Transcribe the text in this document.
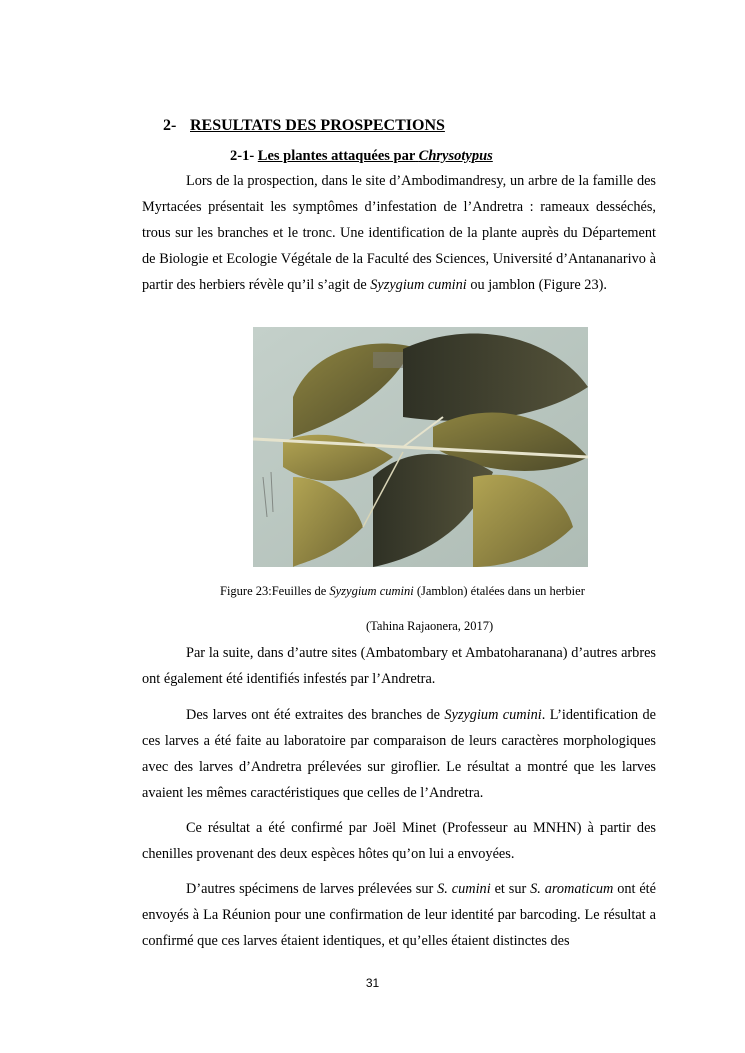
2- RESULTATS DES PROSPECTIONS
2-1- Les plantes attaquées par Chrysotypus

Lors de la prospection, dans le site d’Ambodimandresy, un arbre de la famille des Myrtacées présentait les symptômes d’infestation de l’Andretra : rameaux desséchés, trous sur les branches et le tronc. Une identification de la plante auprès du Département de Biologie et Ecologie Végétale de la Faculté des Sciences, Université d’Antananarivo à partir des herbiers révèle qu’il s’agit de Syzygium cumini ou jamblon (Figure 23).

Figure 23:Feuilles de Syzygium cumini (Jamblon) étalées dans un herbier
(Tahina Rajaonera, 2017)

Par la suite, dans d’autre sites (Ambatombary et Ambatoharanana) d’autres arbres ont également été identifiés infestés par l’Andretra.

Des larves ont été extraites des branches de Syzygium cumini. L’identification de ces larves a été faite au laboratoire par comparaison de leurs caractères morphologiques avec des larves d’Andretra prélevées sur giroflier. Le résultat a montré que les larves avaient les mêmes caractéristiques que celles de l’Andretra.

Ce résultat a été confirmé par Joël Minet (Professeur au MNHN) à partir des chenilles provenant des deux espèces hôtes qu’on lui a envoyées.

D’autres spécimens de larves prélevées sur S. cumini et sur S. aromaticum ont été envoyés à La Réunion pour une confirmation de leur identité par barcoding. Le résultat a confirmé que ces larves étaient identiques, et qu’elles étaient distinctes des

31
